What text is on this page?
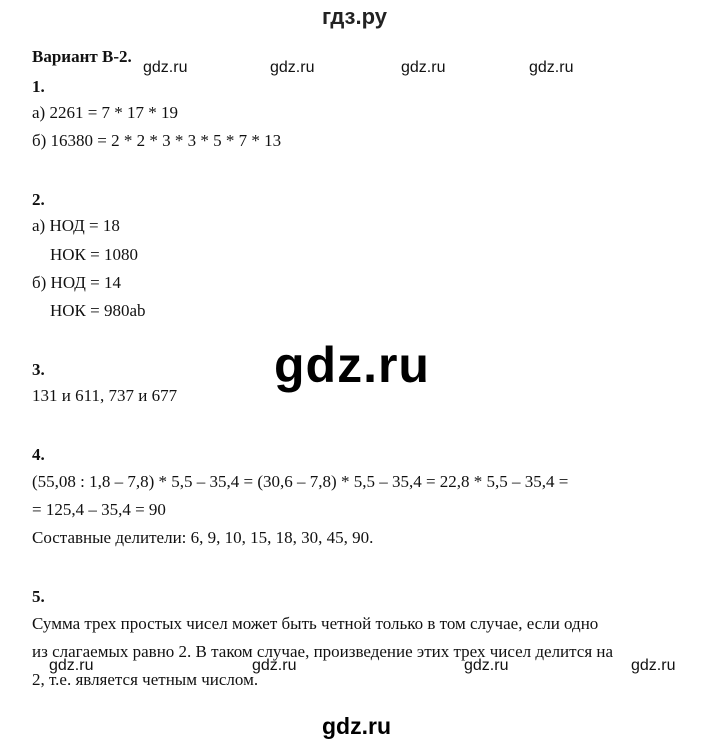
гдз.ру
Вариант В-2.
gdz.ru	gdz.ru	gdz.ru	gdz.ru
1.
а) 2261 = 7 * 17 * 19
б) 16380 = 2 * 2 * 3 * 3 * 5 * 7 * 13
2.
а) НОД = 18
НОК = 1080
б) НОД = 14
НОК = 980ab
gdz.ru
3.
131 и 611, 737 и 677
4.
(55,08 : 1,8 – 7,8) * 5,5 – 35,4 = (30,6 – 7,8) * 5,5 – 35,4 = 22,8 * 5,5 – 35,4 =
= 125,4 – 35,4 = 90
Составные делители: 6, 9, 10, 15, 18, 30, 45, 90.
5.
Сумма трех простых чисел может быть четной только в том случае, если одно
из слагаемых равно 2. В таком случае, произведение этих трех чисел делится на
2, т.е. является четным числом.
gdz.ru	gdz.ru	gdz.ru	gdz.ru
gdz.ru
